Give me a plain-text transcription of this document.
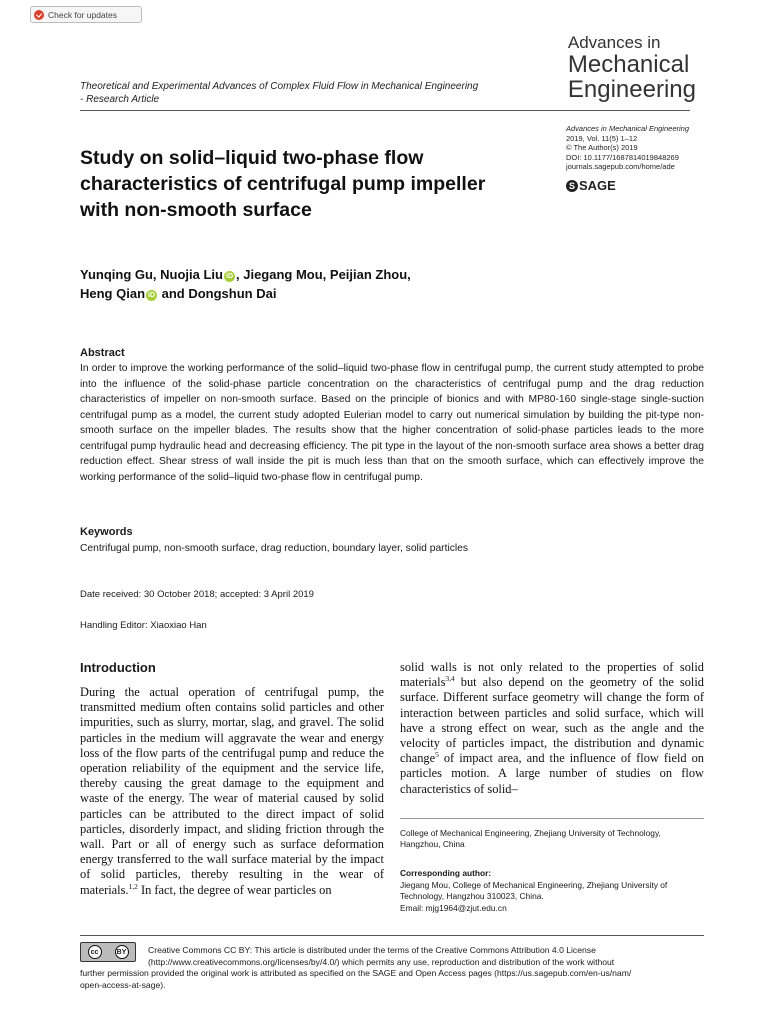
Check for updates
Advances in
Mechanical
Engineering
Theoretical and Experimental Advances of Complex Fluid Flow in Mechanical Engineering - Research Article
Advances in Mechanical Engineering
2019, Vol. 11(5) 1–12
© The Author(s) 2019
DOI: 10.1177/1687814019848269
journals.sagepub.com/home/ade
S SAGE
Study on solid–liquid two-phase flow characteristics of centrifugal pump impeller with non-smooth surface
Yunqing Gu, Nuojia Liu iD , Jiegang Mou, Peijian Zhou,
Heng Qian iD and Dongshun Dai
Abstract
In order to improve the working performance of the solid–liquid two-phase flow in centrifugal pump, the current study attempted to probe into the influence of the solid-phase particle concentration on the characteristics of centrifugal pump and the drag reduction characteristics of impeller on non-smooth surface. Based on the principle of bionics and with MP80-160 single-stage single-suction centrifugal pump as a model, the current study adopted Eulerian model to carry out numerical simulation by building the pit-type non-smooth surface on the impeller blades. The results show that the higher concentration of solid-phase particles leads to the more centrifugal pump hydraulic head and decreasing efficiency. The pit type in the layout of the non-smooth surface area shows a better drag reduction effect. Shear stress of wall inside the pit is much less than that on the smooth surface, which can effectively improve the working performance of the solid–liquid two-phase flow in centrifugal pump.
Keywords
Centrifugal pump, non-smooth surface, drag reduction, boundary layer, solid particles
Date received: 30 October 2018; accepted: 3 April 2019
Handling Editor: Xiaoxiao Han
Introduction
During the actual operation of centrifugal pump, the transmitted medium often contains solid particles and other impurities, such as slurry, mortar, slag, and gravel. The solid particles in the medium will aggravate the wear and energy loss of the flow parts of the centrifugal pump and reduce the operation reliability of the equipment and the service life, thereby causing the great damage to the equipment and waste of the energy. The wear of material caused by solid particles can be attributed to the direct impact of solid particles, disorderly impact, and sliding friction through the wall. Part or all of energy such as surface deformation energy transferred to the wall surface material by the impact of solid particles, thereby resulting in the wear of materials.$^{1,2}$ In fact, the degree of wear particles on
solid walls is not only related to the properties of solid materials$^{3,4}$ but also depend on the geometry of the solid surface. Different surface geometry will change the form of interaction between particles and solid surface, which will have a strong effect on wear, such as the angle and the velocity of particles impact, the distribution and dynamic change$^5$ of impact area, and the influence of flow field on particles motion. A large number of studies on flow characteristics of solid–
College of Mechanical Engineering, Zhejiang University of Technology, Hangzhou, China
Corresponding author:
Jiegang Mou, College of Mechanical Engineering, Zhejiang University of Technology, Hangzhou 310023, China.
Email: mjg1964@zjut.edu.cn
cc	BY	Creative Commons CC BY: This article is distributed under the terms of the Creative Commons Attribution 4.0 License
(http://www.creativecommons.org/licenses/by/4.0/) which permits any use, reproduction and distribution of the work without
further permission provided the original work is attributed as specified on the SAGE and Open Access pages (https://us.sagepub.com/en-us/nam/
open-access-at-sage).
